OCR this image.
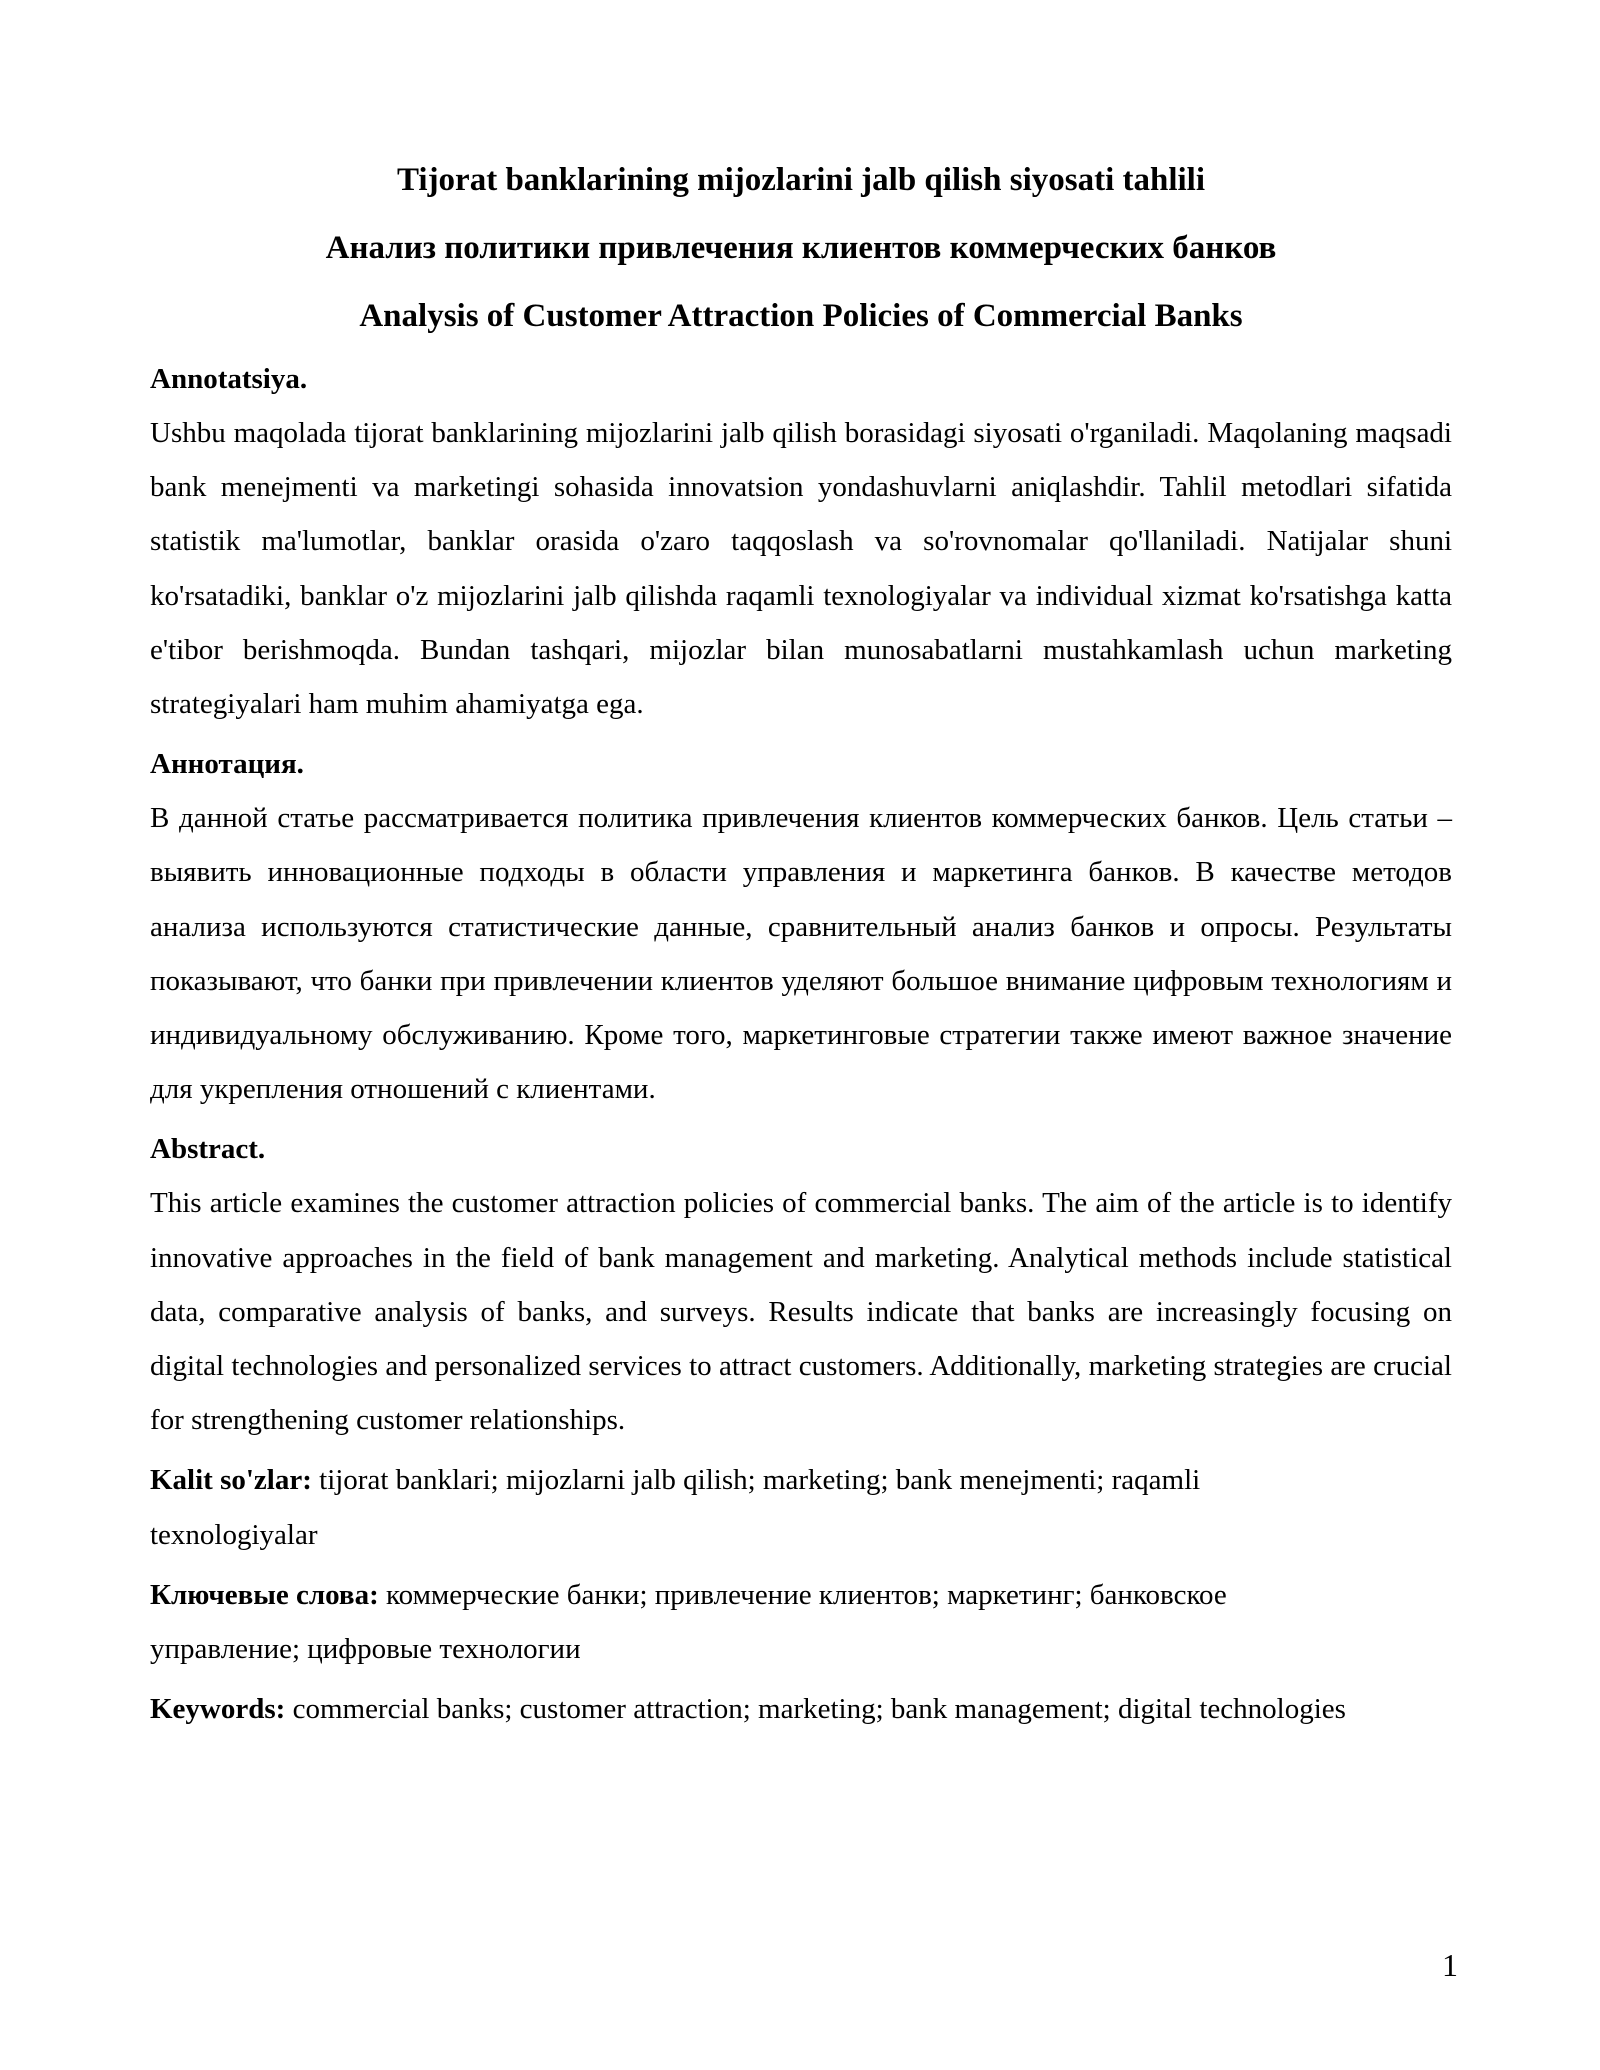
Tijorat banklarining mijozlarini jalb qilish siyosati tahlili
Анализ политики привлечения клиентов коммерческих банков
Analysis of Customer Attraction Policies of Commercial Banks

Annotatsiya.

Ushbu maqolada tijorat banklarining mijozlarini jalb qilish borasidagi siyosati o'rganiladi. Maqolaning maqsadi bank menejmenti va marketingi sohasida innovatsion yondashuvlarni aniqlashdir. Tahlil metodlari sifatida statistik ma'lumotlar, banklar orasida o'zaro taqqoslash va so'rovnomalar qo'llaniladi. Natijalar shuni ko'rsatadiki, banklar o'z mijozlarini jalb qilishda raqamli texnologiyalar va individual xizmat ko'rsatishga katta e'tibor berishmoqda. Bundan tashqari, mijozlar bilan munosabatlarni mustahkamlash uchun marketing strategiyalari ham muhim ahamiyatga ega.

Аннотация.

В данной статье рассматривается политика привлечения клиентов коммерческих банков. Цель статьи – выявить инновационные подходы в области управления и маркетинга банков. В качестве методов анализа используются статистические данные, сравнительный анализ банков и опросы. Результаты показывают, что банки при привлечении клиентов уделяют большое внимание цифровым технологиям и индивидуальному обслуживанию. Кроме того, маркетинговые стратегии также имеют важное значение для укрепления отношений с клиентами.

Abstract.

This article examines the customer attraction policies of commercial banks. The aim of the article is to identify innovative approaches in the field of bank management and marketing. Analytical methods include statistical data, comparative analysis of banks, and surveys. Results indicate that banks are increasingly focusing on digital technologies and personalized services to attract customers. Additionally, marketing strategies are crucial for strengthening customer relationships.

Kalit so'zlar: tijorat banklari; mijozlarni jalb qilish; marketing; bank menejmenti; raqamli texnologiyalar

Ключевые слова: коммерческие банки; привлечение клиентов; маркетинг; банковское управление; цифровые технологии

Keywords: commercial banks; customer attraction; marketing; bank management; digital technologies

1
